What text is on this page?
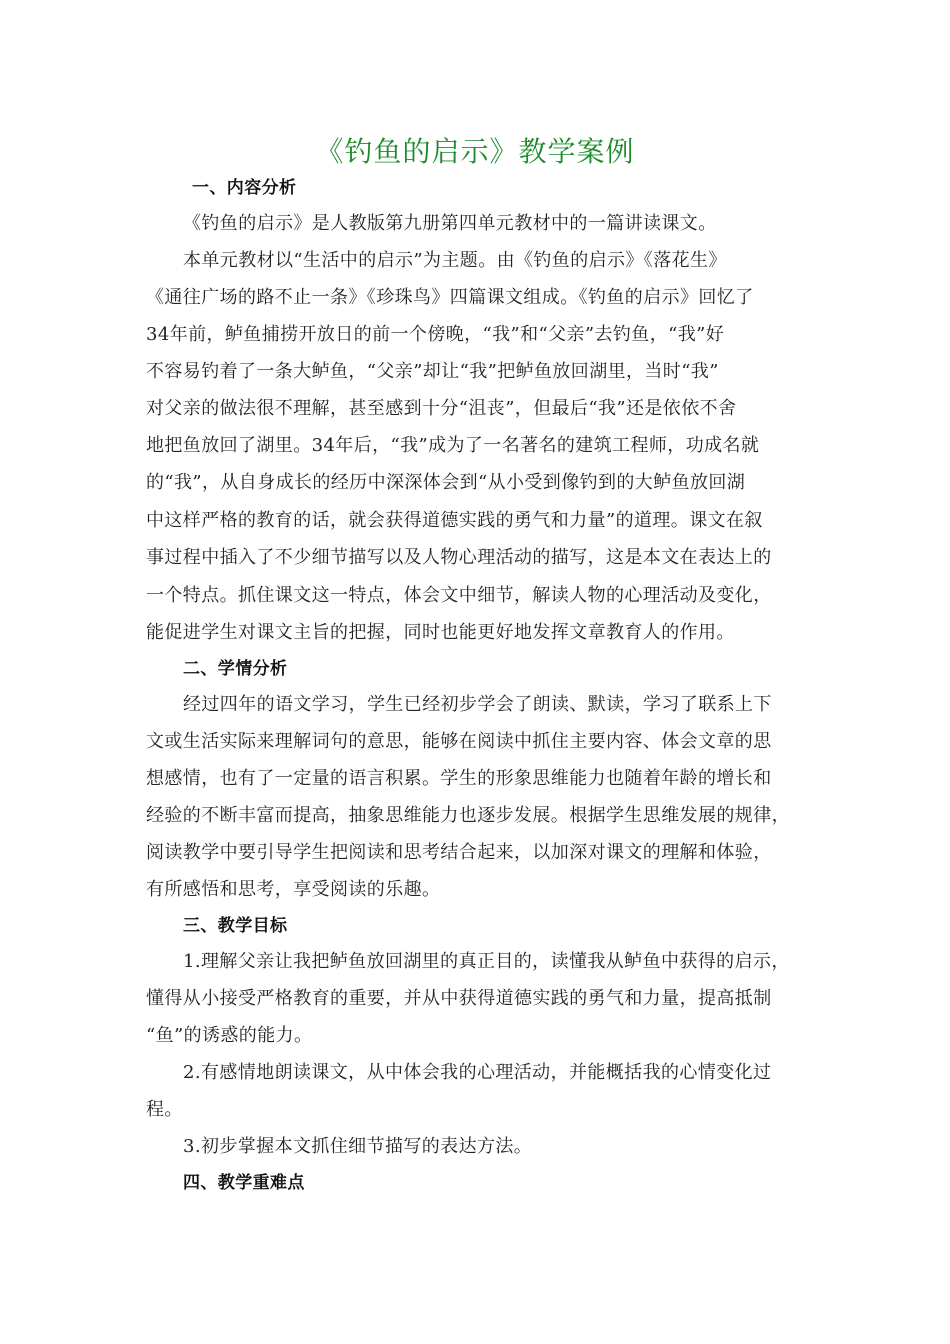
《钓鱼的启示》教学案例
一、内容分析
《钓鱼的启示》是人教版第九册第四单元教材中的一篇讲读课文。
本单元教材以“生活中的启示”为主题。由《钓鱼的启示》《落花生》
《通往广场的路不止一条》《珍珠鸟》四篇课文组成。《钓鱼的启示》回忆了
34年前，鲈鱼捕捞开放日的前一个傍晚，“我”和“父亲”去钓鱼，“我”好
不容易钓着了一条大鲈鱼，“父亲”却让“我”把鲈鱼放回湖里，当时“我”
对父亲的做法很不理解，甚至感到十分“沮丧”，但最后“我”还是依依不舍
地把鱼放回了湖里。34年后，“我”成为了一名著名的建筑工程师，功成名就
的“我”，从自身成长的经历中深深体会到“从小受到像钓到的大鲈鱼放回湖
中这样严格的教育的话，就会获得道德实践的勇气和力量”的道理。课文在叙
事过程中插入了不少细节描写以及人物心理活动的描写，这是本文在表达上的
一个特点。抓住课文这一特点，体会文中细节，解读人物的心理活动及变化，
能促进学生对课文主旨的把握，同时也能更好地发挥文章教育人的作用。
二、学情分析
经过四年的语文学习，学生已经初步学会了朗读、默读，学习了联系上下
文或生活实际来理解词句的意思，能够在阅读中抓住主要内容、体会文章的思
想感情，也有了一定量的语言积累。学生的形象思维能力也随着年龄的增长和
经验的不断丰富而提高，抽象思维能力也逐步发展。根据学生思维发展的规律，
阅读教学中要引导学生把阅读和思考结合起来，以加深对课文的理解和体验，
有所感悟和思考，享受阅读的乐趣。
三、教学目标
1.理解父亲让我把鲈鱼放回湖里的真正目的，读懂我从鲈鱼中获得的启示，
懂得从小接受严格教育的重要，并从中获得道德实践的勇气和力量，提高抵制
“鱼”的诱惑的能力。
2.有感情地朗读课文，从中体会我的心理活动，并能概括我的心情变化过
程。
3.初步掌握本文抓住细节描写的表达方法。
四、教学重难点
